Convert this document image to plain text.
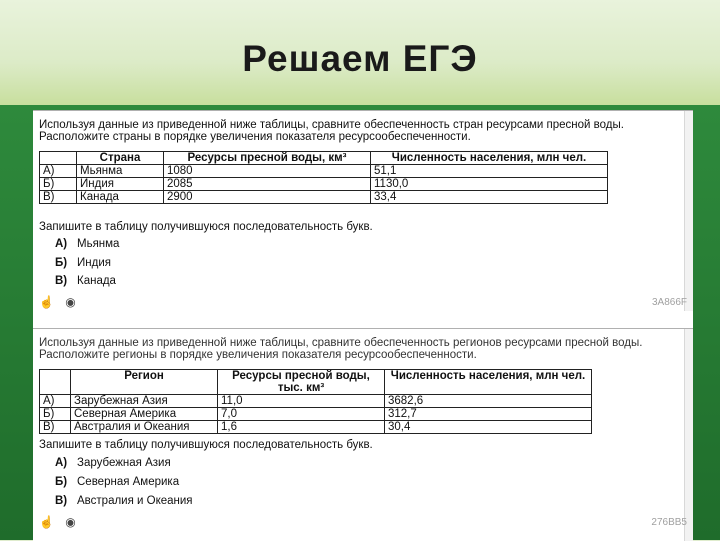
Решаем ЕГЭ
Используя данные из приведенной ниже таблицы, сравните обеспеченность стран ресурсами пресной воды. Расположите страны в порядке увеличения показателя ресурсообеспеченности.
	Страна	Ресурсы пресной воды, км³	Численность населения, млн чел.
А)	Мьянма	1080	51,1
Б)	Индия	2085	1130,0
В)	Канада	2900	33,4
Запишите в таблицу получившуюся последовательность букв.
А) Мьянма
Б) Индия
В) Канада
☝ ◉	3A866F
Используя данные из приведенной ниже таблицы, сравните обеспеченность регионов ресурсами пресной воды. Расположите регионы в порядке увеличения показателя ресурсообеспеченности.
	Регион	Ресурсы пресной воды, тыс. км³	Численность населения, млн чел.
А)	Зарубежная Азия	11,0	3682,6
Б)	Северная Америка	7,0	312,7
В)	Австралия и Океания	1,6	30,4
Запишите в таблицу получившуюся последовательность букв.
А) Зарубежная Азия
Б) Северная Америка
В) Австралия и Океания
☝ ◉	276BB5
